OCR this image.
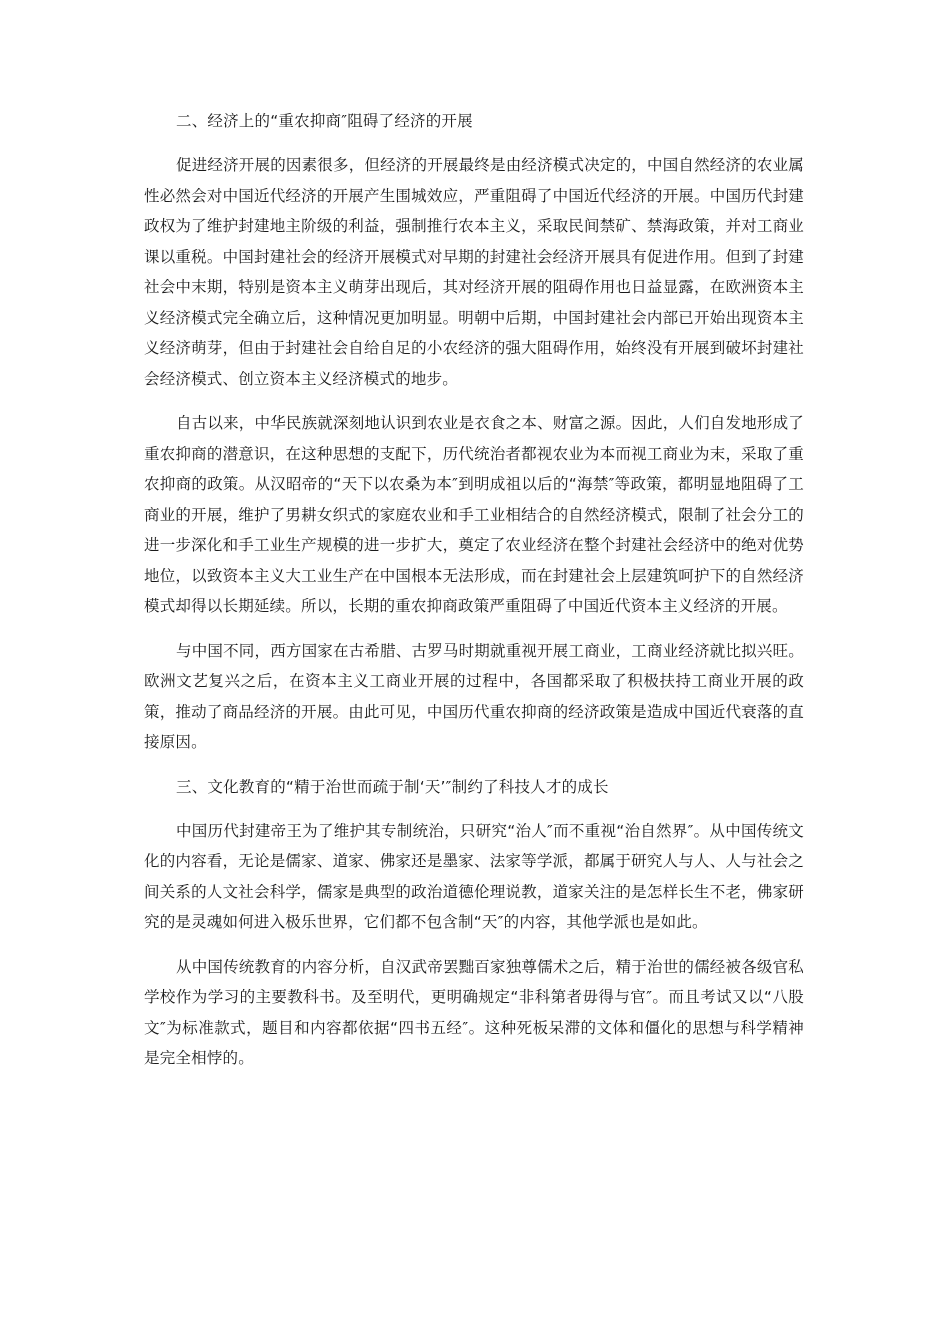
二、经济上的“重农抑商″阻碍了经济的开展

促进经济开展的因素很多，但经济的开展最终是由经济模式决定的，中国自然经济的农业属性必然会对中国近代经济的开展产生围城效应，严重阻碍了中国近代经济的开展。中国历代封建政权为了维护封建地主阶级的利益，强制推行农本主义，采取民间禁矿、禁海政策，并对工商业课以重税。中国封建社会的经济开展模式对早期的封建社会经济开展具有促进作用。但到了封建社会中末期，特别是资本主义萌芽出现后，其对经济开展的阻碍作用也日益显露，在欧洲资本主义经济模式完全确立后，这种情况更加明显。明朝中后期，中国封建社会内部已开始出现资本主义经济萌芽，但由于封建社会自给自足的小农经济的强大阻碍作用，始终没有开展到破坏封建社会经济模式、创立资本主义经济模式的地步。

自古以来，中华民族就深刻地认识到农业是衣食之本、财富之源。因此，人们自发地形成了重农抑商的潜意识，在这种思想的支配下，历代统治者都视农业为本而视工商业为末，采取了重农抑商的政策。从汉昭帝的“天下以农桑为本″到明成祖以后的“海禁″等政策，都明显地阻碍了工商业的开展，维护了男耕女织式的家庭农业和手工业相结合的自然经济模式，限制了社会分工的进一步深化和手工业生产规模的进一步扩大，奠定了农业经济在整个封建社会经济中的绝对优势地位，以致资本主义大工业生产在中国根本无法形成，而在封建社会上层建筑呵护下的自然经济模式却得以长期延续。所以，长期的重农抑商政策严重阻碍了中国近代资本主义经济的开展。

与中国不同，西方国家在古希腊、古罗马时期就重视开展工商业，工商业经济就比拟兴旺。欧洲文艺复兴之后，在资本主义工商业开展的过程中，各国都采取了积极扶持工商业开展的政策，推动了商品经济的开展。由此可见，中国历代重农抑商的经济政策是造成中国近代衰落的直接原因。

三、文化教育的“精于治世而疏于制‘天’″制约了科技人才的成长

中国历代封建帝王为了维护其专制统治，只研究“治人″而不重视“治自然界″。从中国传统文化的内容看，无论是儒家、道家、佛家还是墨家、法家等学派，都属于研究人与人、人与社会之间关系的人文社会科学，儒家是典型的政治道德伦理说教，道家关注的是怎样长生不老，佛家研究的是灵魂如何进入极乐世界，它们都不包含制“天″的内容，其他学派也是如此。

从中国传统教育的内容分析，自汉武帝罢黜百家独尊儒术之后，精于治世的儒经被各级官私学校作为学习的主要教科书。及至明代，更明确规定“非科第者毋得与官″。而且考试又以“八股文″为标准款式，题目和内容都依据“四书五经″。这种死板呆滞的文体和僵化的思想与科学精神是完全相悖的。
